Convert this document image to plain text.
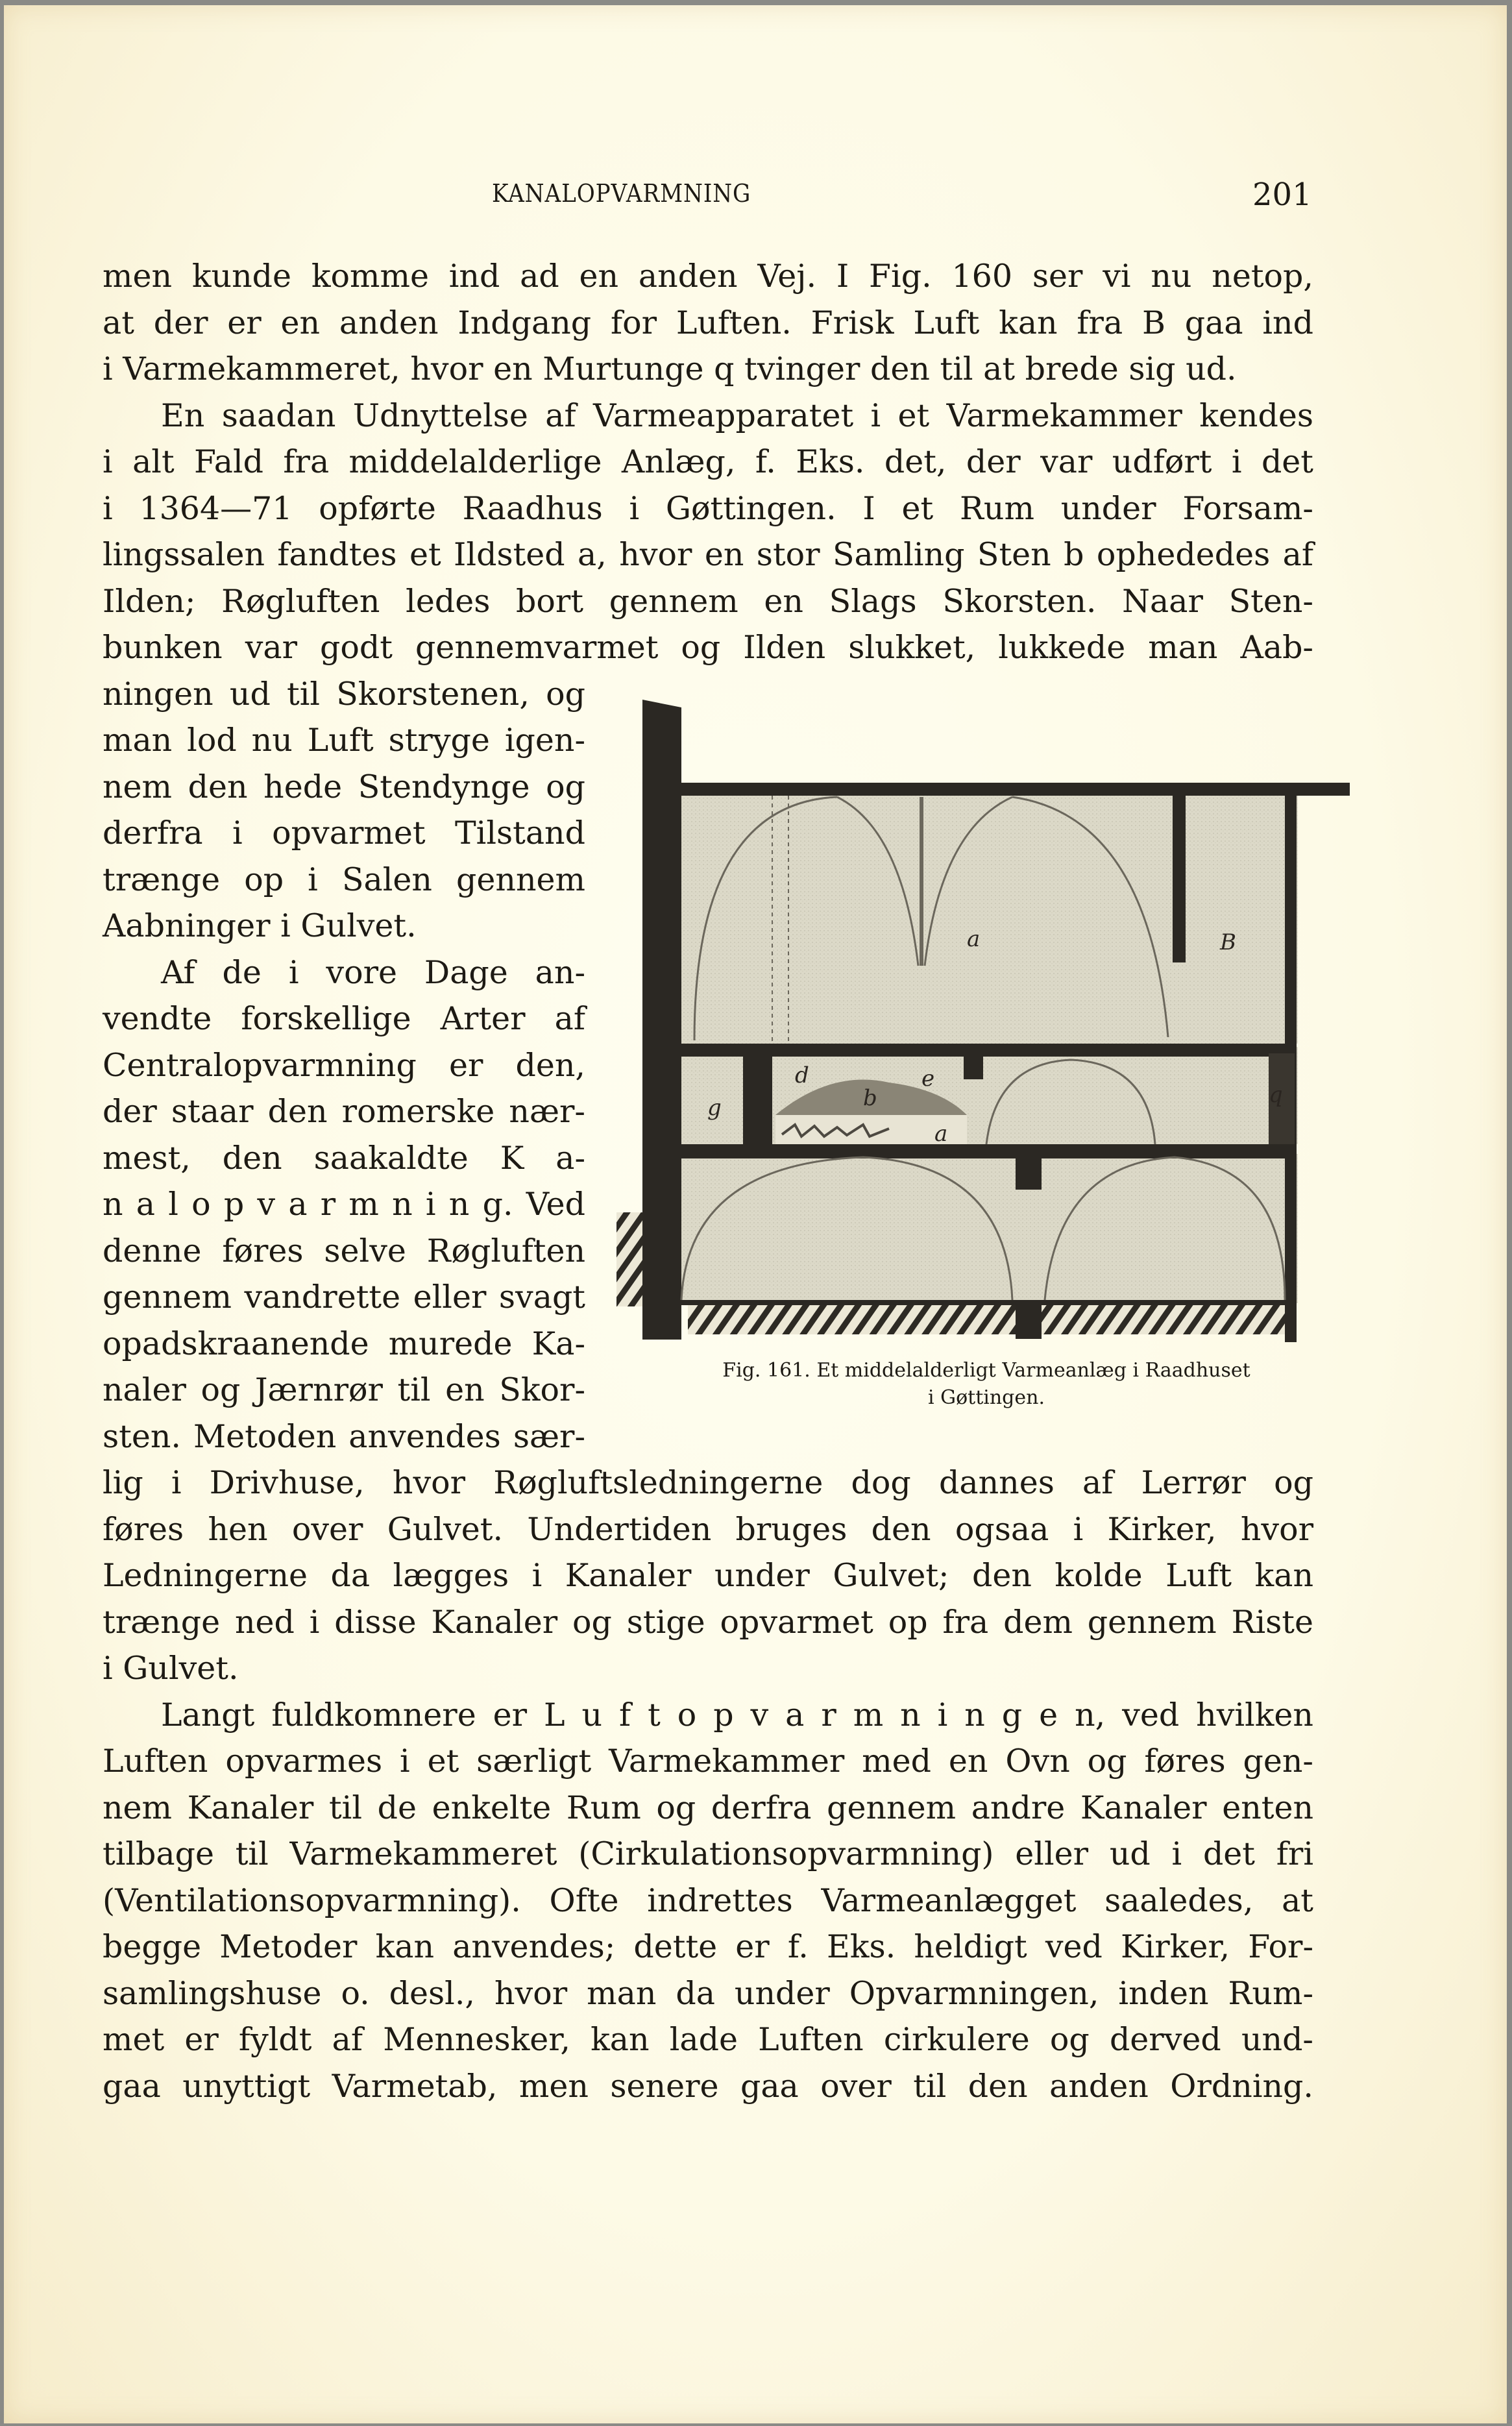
KANALOPVARMNING	201
men kunde komme ind ad en anden Vej. I Fig. 160 ser vi nu netop,
at der er en anden Indgang for Luften. Frisk Luft kan fra B gaa ind
i Varmekammeret, hvor en Murtunge q tvinger den til at brede sig ud.
En saadan Udnyttelse af Varmeapparatet i et Varmekammer kendes
i alt Fald fra middelalderlige Anlæg, f. Eks. det, der var udført i det
i 1364—71 opførte Raadhus i Gøttingen. I et Rum under Forsam-
lingssalen fandtes et Ildsted a, hvor en stor Samling Sten b ophededes af
Ilden; Røgluften ledes bort gennem en Slags Skorsten. Naar Sten-
bunken var godt gennemvarmet og Ilden slukket, lukkede man Aab-
ningen ud til Skorstenen, og
man lod nu Luft stryge igen-
nem den hede Stendynge og
derfra i opvarmet Tilstand
trænge op i Salen gennem
Aabninger i Gulvet.
Af de i vore Dage an-
vendte forskellige Arter af
Centralopvarmning er den,
der staar den romerske nær-
mest, den saakaldte K a-
n a l o p v a r m n i n g. Ved
denne føres selve Røgluften
gennem vandrette eller svagt
opadskraanende murede Ka-
naler og Jærnrør til en Skor-
sten. Metoden anvendes sær-
lig i Drivhuse, hvor Røgluftsledningerne dog dannes af Lerrør og
føres hen over Gulvet. Undertiden bruges den ogsaa i Kirker, hvor
Ledningerne da lægges i Kanaler under Gulvet; den kolde Luft kan
trænge ned i disse Kanaler og stige opvarmet op fra dem gennem Riste
i Gulvet.
Langt fuldkomnere er L u f t o p v a r m n i n g e n, ved hvilken
Luften opvarmes i et særligt Varmekammer med en Ovn og føres gen-
nem Kanaler til de enkelte Rum og derfra gennem andre Kanaler enten
tilbage til Varmekammeret (Cirkulationsopvarmning) eller ud i det fri
(Ventilationsopvarmning). Ofte indrettes Varmeanlægget saaledes, at
begge Metoder kan anvendes; dette er f. Eks. heldigt ved Kirker, For-
samlingshuse o. desl., hvor man da under Opvarmningen, inden Rum-
met er fyldt af Mennesker, kan lade Luften cirkulere og derved und-
gaa unyttigt Varmetab, men senere gaa over til den anden Ordning.
a	B
d	e
b
a
g	q
Fig. 161. Et middelalderligt Varmeanlæg i Raadhuset
i Gøttingen.
